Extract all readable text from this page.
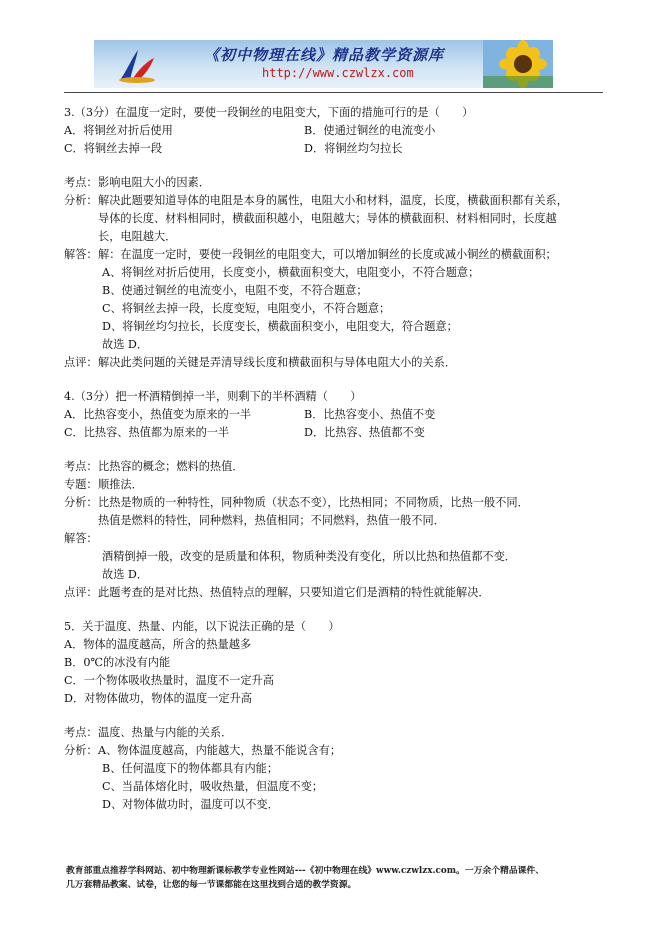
《初中物理在线》精品教学资源库
http://www.czwlzx.com
3.（3分）在温度一定时，要使一段铜丝的电阻变大，下面的措施可行的是（　　）
A．将铜丝对折后使用	B．使通过铜丝的电流变小
C．将铜丝去掉一段	D．将铜丝均匀拉长
考点：影响电阻大小的因素．
分析：解决此题要知道导体的电阻是本身的属性，电阻大小和材料，温度，长度，横截面积都有关系，
导体的长度、材料相同时，横截面积越小，电阻越大；导体的横截面积、材料相同时，长度越
长，电阻越大．
解答：解：在温度一定时，要使一段铜丝的电阻变大，可以增加铜丝的长度或减小铜丝的横截面积；
A、将铜丝对折后使用，长度变小，横截面积变大，电阻变小，不符合题意；
B、使通过铜丝的电流变小，电阻不变，不符合题意；
C、将铜丝去掉一段，长度变短，电阻变小，不符合题意；
D、将铜丝均匀拉长，长度变长，横截面积变小，电阻变大，符合题意；
故选 D．
点评：解决此类问题的关键是弄清导线长度和横截面积与导体电阻大小的关系．
4.（3分）把一杯酒精倒掉一半，则剩下的半杯酒精（　　）
A．比热容变小，热值变为原来的一半	B．比热容变小、热值不变
C．比热容、热值都为原来的一半	D．比热容、热值都不变
考点：比热容的概念；燃料的热值．
专题：顺推法．
分析：比热是物质的一种特性，同种物质（状态不变），比热相同；不同物质，比热一般不同．
热值是燃料的特性，同种燃料，热值相同；不同燃料，热值一般不同．
解答：
酒精倒掉一般，改变的是质量和体积，物质种类没有变化，所以比热和热值都不变．
故选 D．
点评：此题考查的是对比热、热值特点的理解，只要知道它们是酒精的特性就能解决．
5．关于温度、热量、内能，以下说法正确的是（　　）
A．物体的温度越高，所含的热量越多
B．0℃的冰没有内能
C．一个物体吸收热量时，温度不一定升高
D．对物体做功，物体的温度一定升高
考点：温度、热量与内能的关系．
分析：A、物体温度越高，内能越大，热量不能说含有；
B、任何温度下的物体都具有内能；
C、当晶体熔化时，吸收热量，但温度不变；
D、对物体做功时，温度可以不变．
教育部重点推荐学科网站、初中物理新课标教学专业性网站---《初中物理在线》www.czwlzx.com。一万余个精品课件、
几万套精品教案、试卷，让您的每一节课都能在这里找到合适的教学资源。
